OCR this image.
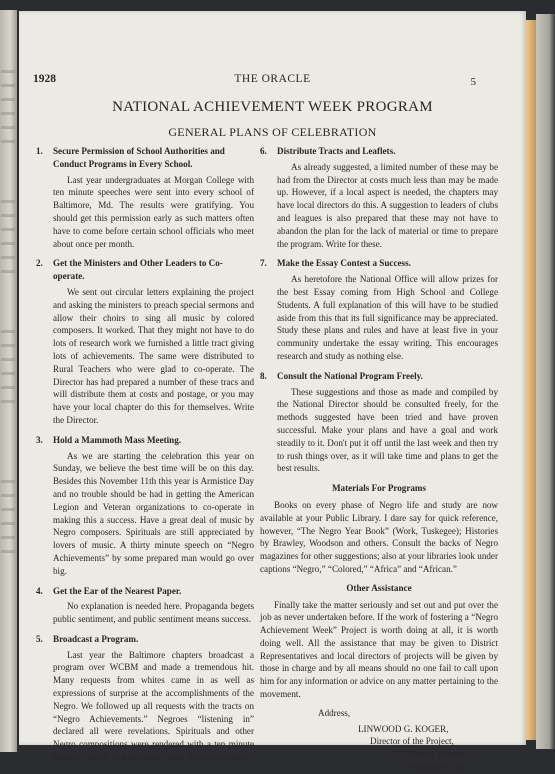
1928	THE ORACLE	5
NATIONAL ACHIEVEMENT WEEK PROGRAM
GENERAL PLANS OF CELEBRATION
1. Secure Permission of School Authorities and Conduct Programs in Every School.

Last year undergraduates at Morgan College with ten minute speeches were sent into every school of Baltimore, Md. The results were gratifying. You should get this permission early as such matters often have to come before certain school officials who meet about once per month.

2. Get the Ministers and Other Leaders to Co-operate.

We sent out circular letters explaining the project and asking the ministers to preach special sermons and allow their choirs to sing all music by colored composers. It worked. That they might not have to do lots of research work we furnished a little tract giving lots of achievements. The same were distributed to Rural Teachers who were glad to co-operate. The Director has had prepared a number of these tracs and will distribute them at costs and postage, or you may have your local chapter do this for themselves. Write the Director.

3. Hold a Mammoth Mass Meeting.

As we are starting the celebration this year on Sunday, we believe the best time will be on this day. Besides this November 11th this year is Armistice Day and no trouble should be had in getting the American Legion and Veteran organizations to co-operate in making this a success. Have a great deal of music by Negro composers. Spirituals are still appreciated by lovers of music. A thirty minute speech on “Negro Achievements” by some prepared man would go over big.

4. Get the Ear of the Nearest Paper.

No explanation is needed here. Propaganda begets public sentiment, and public sentiment means success.

5. Broadcast a Program.

Last year the Baltimore chapters broadcast a program over WCBM and made a tremendous hit. Many requests from whites came in as well as expressions of surprise at the accomplishments of the Negro. We followed up all requests with the tracts on “Negro Achievements.” Negroes “listening in” declared all were revelations. Spirituals and other Negro compositions were rendered with a ten minute address (clearly and distinctly read). It went over big.

6. Distribute Tracts and Leaflets.

As already suggested, a limited number of these may be had from the Director at costs much less than may be made up. However, if a local aspect is needed, the chapters may have local directors do this. A suggestion to leaders of clubs and leagues is also prepared that these may not have to abandon the plan for the lack of material or time to prepare the program. Write for these.

7. Make the Essay Contest a Success.

As heretofore the National Office will allow prizes for the best Essay coming from High School and College Students. A full explanation of this will have to be studied aside from this that its full significance may be appreciated. Study these plans and rules and have at least five in your community undertake the essay writing. This encourages research and study as nothing else.

8. Consult the National Program Freely.

These suggestions and those as made and compiled by the National Director should be consulted freely, for the methods suggested have been tried and have proven successful. Make your plans and have a goal and work steadily to it. Don't put it off until the last week and then try to rush things over, as it will take time and plans to get the best results.

Materials For Programs

Books on every phase of Negro life and study are now available at your Public Library. I dare say for quick reference, however, “The Negro Year Book” (Work, Tuskegee); Histories by Brawley, Woodson and others. Consult the backs of Negro magazines for other suggestions; also at your libraries look under captions “Negro,” “Colored,” “Africa” and “African.”

Other Assistance

Finally take the matter seriously and set out and put over the job as never undertaken before. If the work of fostering a “Negro Achievement Week” Project is worth doing at all, it is worth doing well. All the assistance that may be given to District Representatives and local directors of projects will be given by those in charge and by all means should no one fail to call upon him for any information or advice on any matter pertaining to the movement.

Address,
LINWOOD G. KOGER,
Director of the Project,
1212 Penna. Avenue,
Baltimore, Md.
